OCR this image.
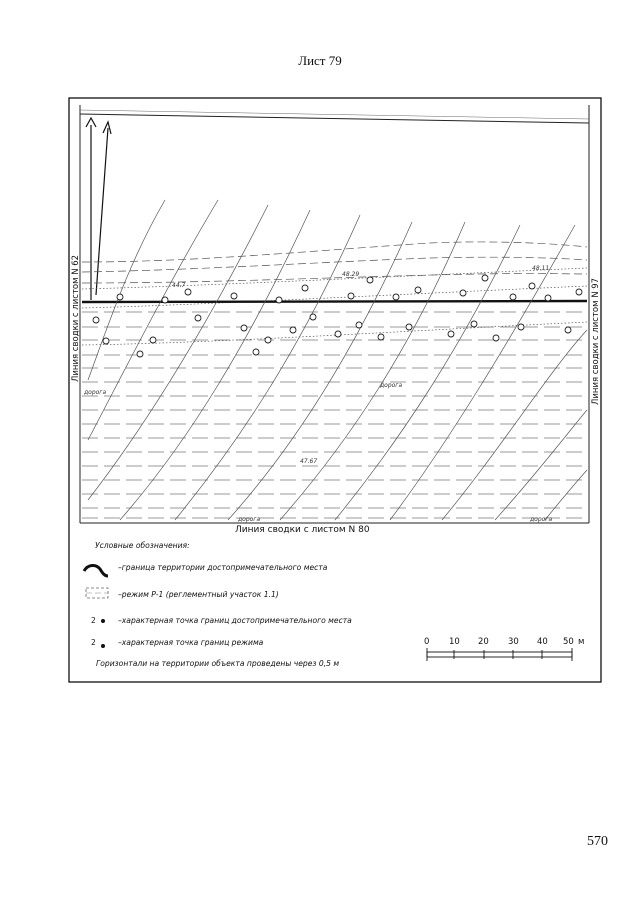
Лист 79
44.7
48.29
48.11
47.67
дорога
дорога
дорога	дорога
Линия сводки с листом N 62	Линия сводки с листом N 97
Линия сводки с листом N 80
Условные обозначения:
–граница территории достопримечательного места
–режим Р-1 (реглементный участок 1.1)
2	–характерная точка границ достопримечательного места
2	–характерная точка границ режима
Горизонтали на территории объекта проведены через 0,5 м
0 10 20 30 40 50 м
570
